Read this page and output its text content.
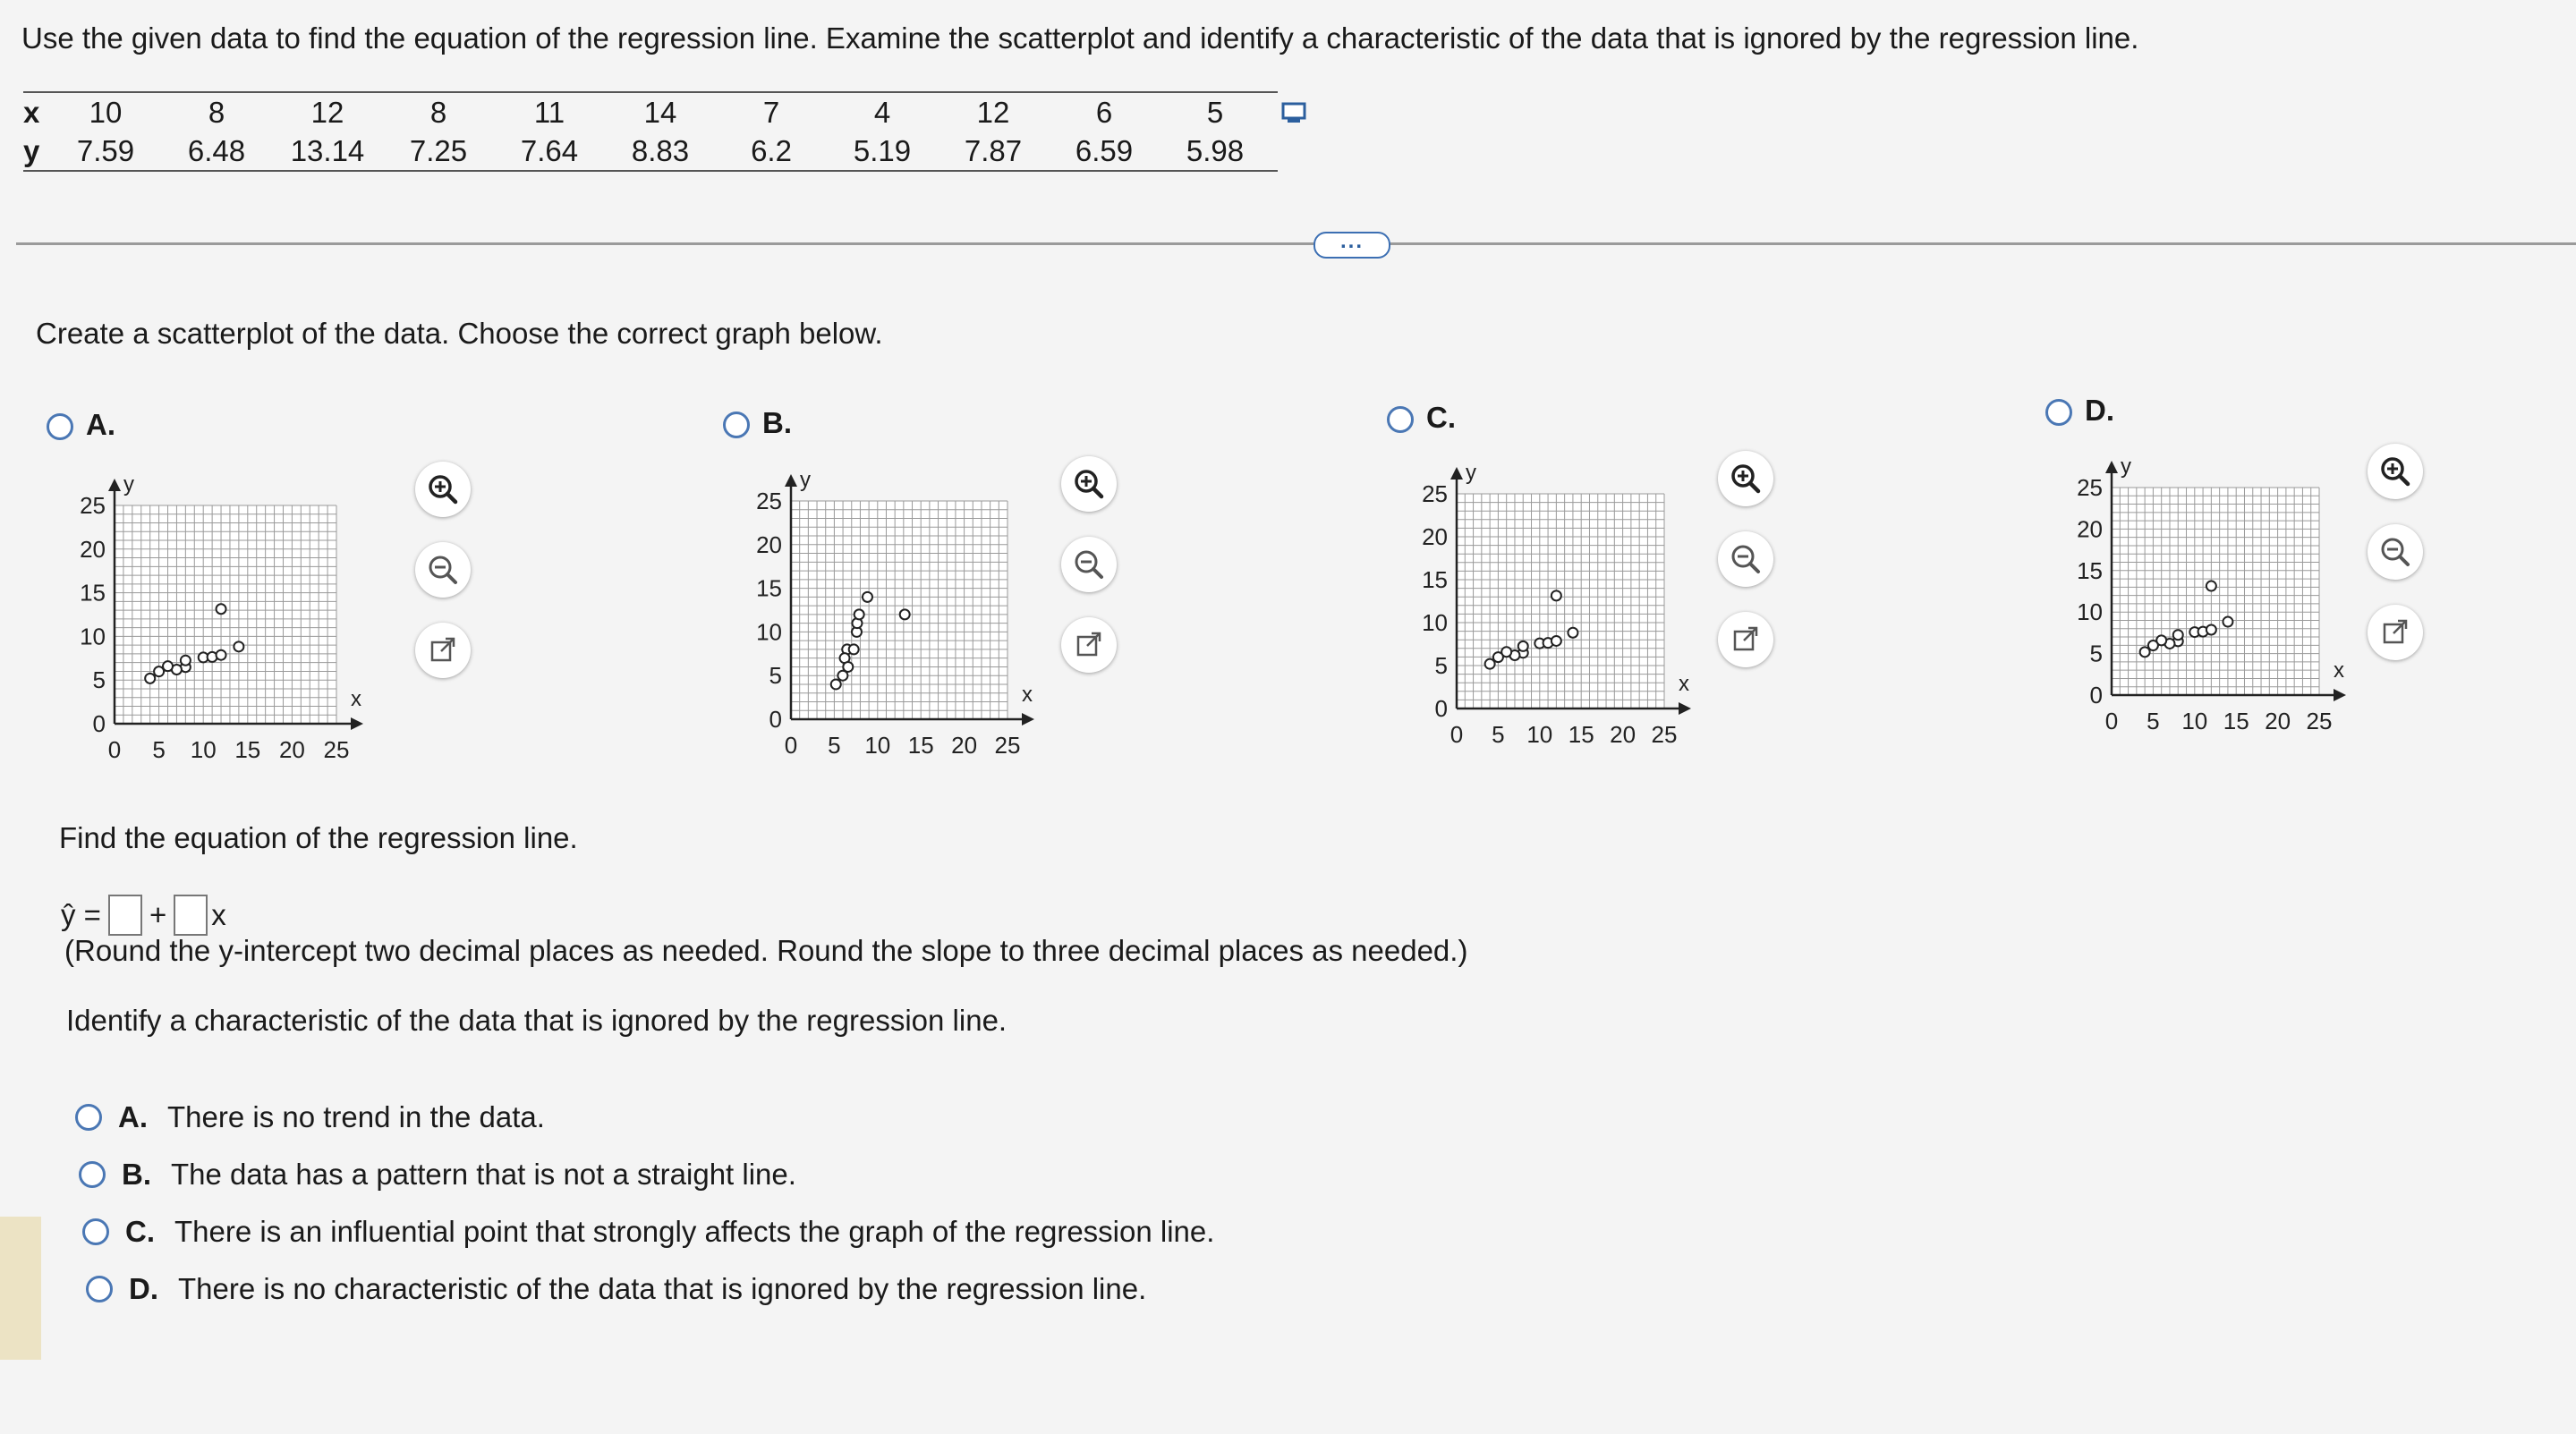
Use the given data to find the equation of the regression line. Examine the scatterplot and identify a characteristic of the data that is ignored by the regression line.
x	10	8	12	8	11	14	7	4	12	6	5
y	7.59	6.48	13.14	7.25	7.64	8.83	6.2	5.19	7.87	6.59	5.98
...
Create a scatterplot of the data. Choose the correct graph below.
A.
0 5 10 15 20 25
0
5
10
15
20
25
x
y
B.
0 5 10 15 20 25
0
5
10
15
20
25
x
y
C.
0 5 10 15 20 25
0
5
10
15
20
25
x
y
D.
0 5 10 15 20 25
0
5
10
15
20
25
x
y
Find the equation of the regression line.
ŷ = + x
(Round the y-intercept two decimal places as needed. Round the slope to three decimal places as needed.)
Identify a characteristic of the data that is ignored by the regression line.
A. There is no trend in the data.
B. The data has a pattern that is not a straight line.
C. There is an influential point that strongly affects the graph of the regression line.
D. There is no characteristic of the data that is ignored by the regression line.
